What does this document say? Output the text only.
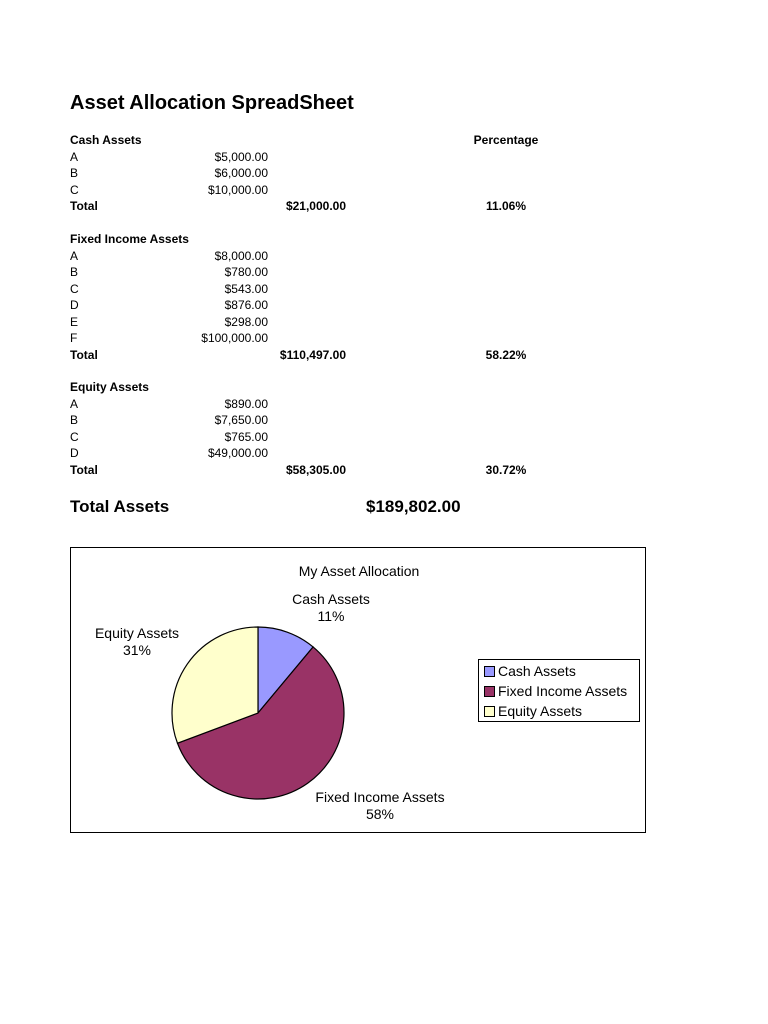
Asset Allocation SpreadSheet
Percentage
Cash Assets
A	$5,000.00
B	$6,000.00
C	$10,000.00
Total	$21,000.00	11.06%
Fixed Income Assets
A	$8,000.00
B	$780.00
C	$543.00
D	$876.00
E	$298.00
F	$100,000.00
Total	$110,497.00	58.22%
Equity Assets
A	$890.00
B	$7,650.00
C	$765.00
D	$49,000.00
Total	$58,305.00	30.72%
Total Assets	$189,802.00
My Asset Allocation
Cash Assets
11%
Equity Assets
31%
Fixed Income Assets
58%
Cash Assets
Fixed Income Assets
Equity Assets
